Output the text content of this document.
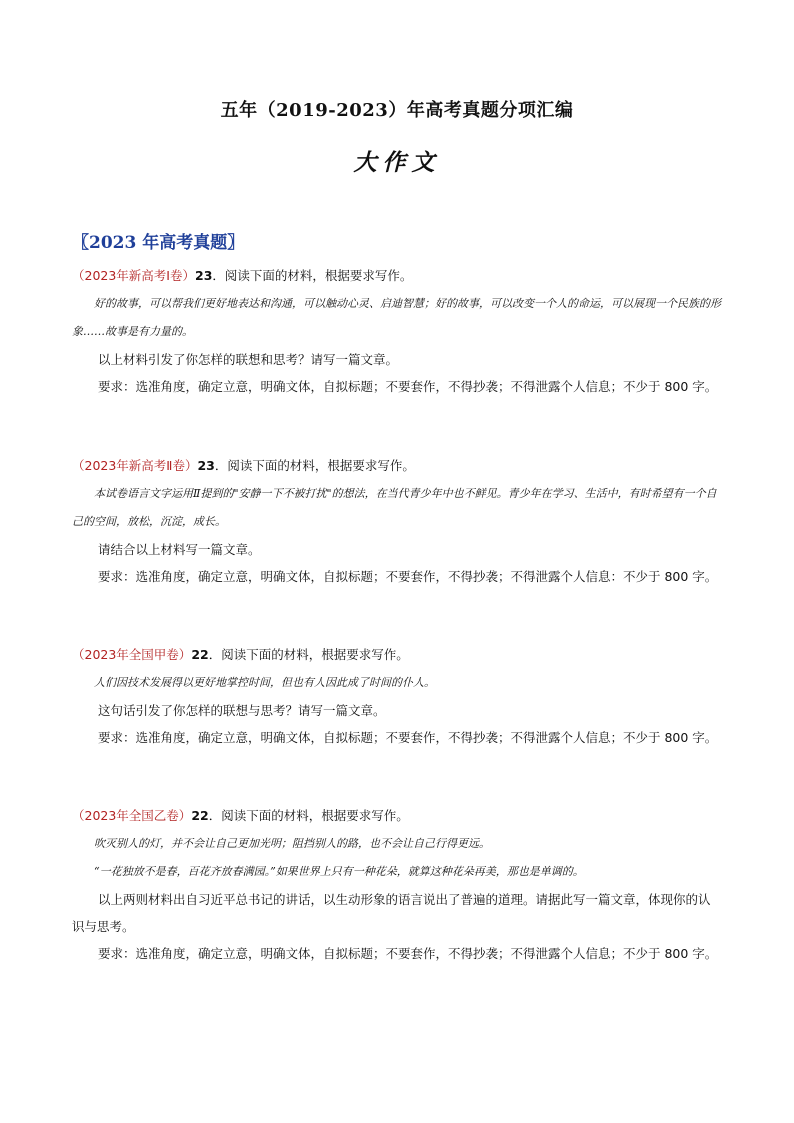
五年（2019-2023）年高考真题分项汇编
大作文
〖2023 年高考真题〗
（2023年新高考Ⅰ卷）23．阅读下面的材料，根据要求写作。

好的故事，可以帮我们更好地表达和沟通，可以触动心灵、启迪智慧；好的故事，可以改变一个人的命运，可以展现一个民族的形象……故事是有力量的。

以上材料引发了你怎样的联想和思考？请写一篇文章。

要求：选准角度，确定立意，明确文体，自拟标题；不要套作，不得抄袭；不得泄露个人信息；不少于 800 字。

（2023年新高考Ⅱ卷）23．阅读下面的材料，根据要求写作。

本试卷语言文字运用Ⅱ提到的"安静一下不被打扰"的想法，在当代青少年中也不鲜见。青少年在学习、生活中，有时希望有一个自己的空间，放松，沉淀，成长。

请结合以上材料写一篇文章。

要求：选准角度，确定立意，明确文体，自拟标题；不要套作，不得抄袭；不得泄露个人信息：不少于 800 字。

（2023年全国甲卷）22．阅读下面的材料，根据要求写作。

人们因技术发展得以更好地掌控时间，但也有人因此成了时间的仆人。

这句话引发了你怎样的联想与思考？请写一篇文章。

要求：选准角度，确定立意，明确文体，自拟标题；不要套作，不得抄袭；不得泄露个人信息；不少于 800 字。

（2023年全国乙卷）22．阅读下面的材料，根据要求写作。

吹灭别人的灯，并不会让自己更加光明；阻挡别人的路，也不会让自己行得更远。

“一花独放不是春，百花齐放春满园。”如果世界上只有一种花朵，就算这种花朵再美，那也是单调的。

以上两则材料出自习近平总书记的讲话，以生动形象的语言说出了普遍的道理。请据此写一篇文章，体现你的认识与思考。

要求：选准角度，确定立意，明确文体，自拟标题；不要套作，不得抄袭；不得泄露个人信息；不少于 800 字。
